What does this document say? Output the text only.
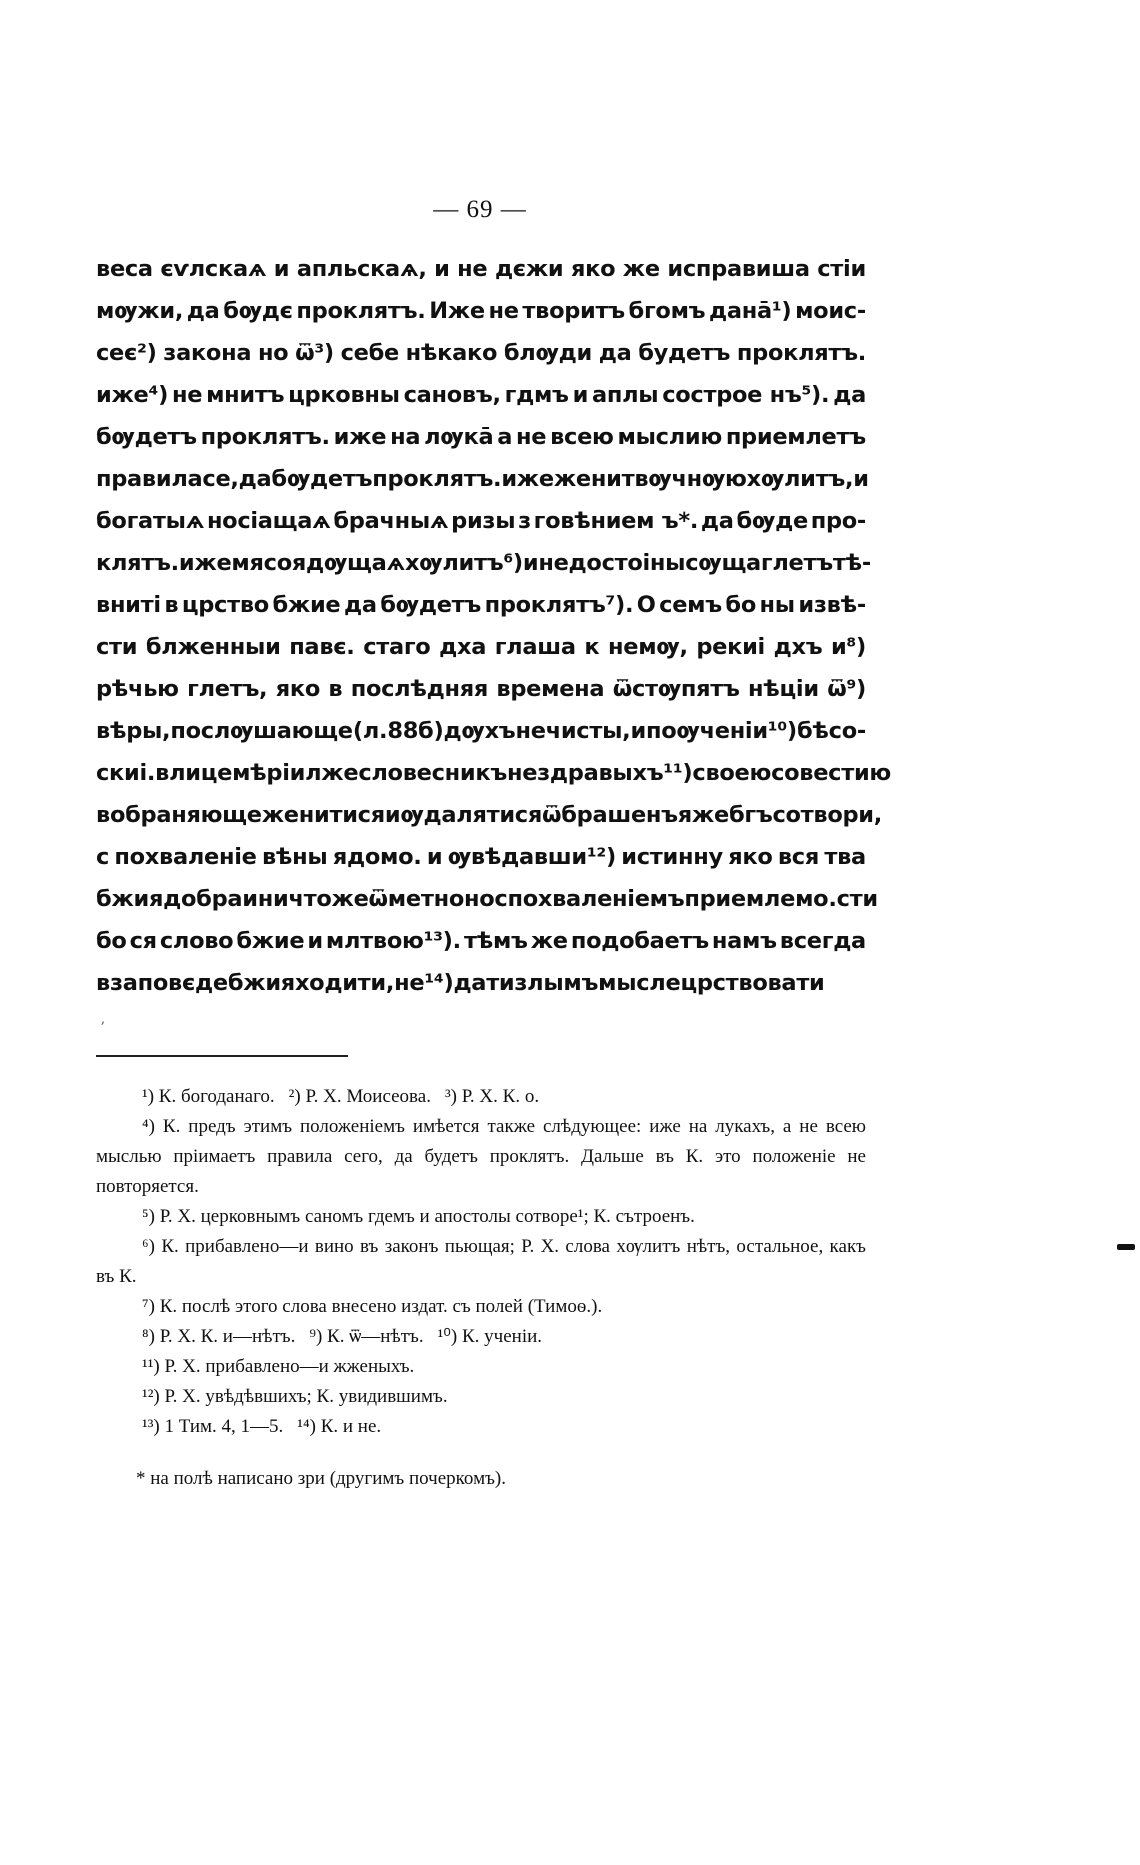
— 69 —
веса єѵлскаѧ и апльскаѧ, и не дєжи яко же исправиша стiи
мѹжи, да бѹдє проклятъ. Иже не творитъ бгомъ данā¹) моис-
сеє²) закона но ѿ³) себе нѣкако блѹди да будетъ проклятъ.
иже⁴) не мнитъ црковны сановъ, гдмъ и аплы сострое нъ⁵). да
бѹдетъ проклятъ. иже на лѹкā а не всею мыслию приемлетъ
правила се, да бѹдетъ проклятъ. иже женитвѹ чнѹю хѹлитъ, и
богатыѧ носiащаѧ брачныѧ ризы з говѣнием ъ*. да бѹде про-
клятъ. иже мясо ядѹщаѧ хѹлитъ⁶) и недостоiны сѹща глетъ тѣ-
вниті в црство бжие да бѹдетъ проклятъ⁷). О семъ бо ны извѣ-
сти блженныи павє. стаго дха глаша к немѹ, рекиi дхъ и⁸)
рѣчью глетъ, яко в послѣдняя времена ѿстѹпятъ нѣцiи ѿ⁹)
вѣры, послѹшающе (л. 88б) дѹхъ нечисты, и поѹченiи¹⁰) бѣсо-
скиi. в лицемѣрiи лжесловесникъ нездравыхъ¹¹) своею совестию
вобраняюще женитися и ѹдалятися ѿ брашенъ яже бгъ сотвори,
с похваленiе вѣны ядомо. и ѹвѣдавши¹²) истинну яко вся тва
бжия добра и ничтоже ѿметно но с похваленiемъ приемлемо. сти
бо ся слово бжие и млтвою¹³). тѣмъ же подобаетъ намъ всегда
в заповєде бжия ходити, не¹⁴) дати злымъ мысле црствовати
ʼ
¹) К. богоданаго. ²) Р. Х. Моисеова. ³) Р. Х. К. о.
⁴) К. предъ этимъ положенiемъ имѣется также слѣдующее: иже на лукахъ, а не всею мыслью прiимаетъ правила сего, да будетъ проклятъ. Дальше въ К. это положенiе не повторяется.
⁵) Р. Х. церковнымъ саномъ гдемъ и апостолы сотворе¹; К. сътроенъ.
⁶) К. прибавлено—и вино въ законъ пьющая; Р. Х. слова хѹлитъ нѣтъ, остальное, какъ въ К.
⁷) К. послѣ этого слова внесено издат. съ полей (Тимоѳ.).
⁸) Р. Х. К. и—нѣтъ. ⁹) К. ѿ—нѣтъ. ¹⁰) К. ученiи.
¹¹) Р. Х. прибавлено—и жженыхъ.
¹²) Р. Х. увѣдѣвшихъ; К. увидившимъ.
¹³) 1 Тим. 4, 1—5. ¹⁴) К. и не.
* на полѣ написано зри (другимъ почеркомъ).
